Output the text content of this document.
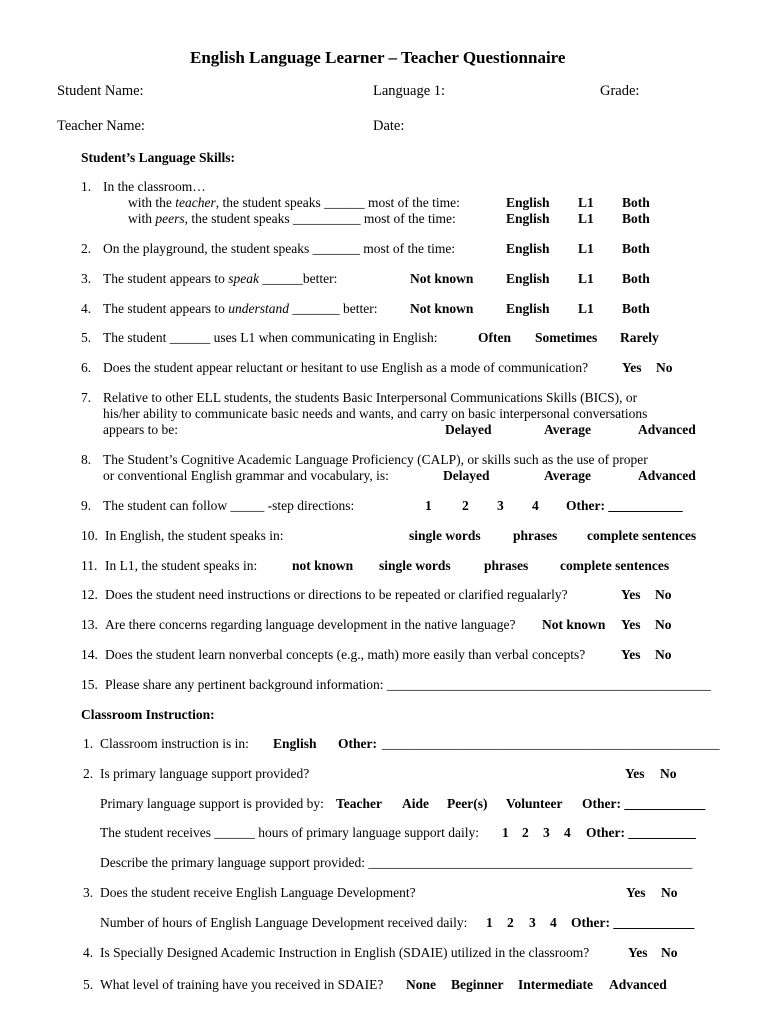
English Language Learner – Teacher Questionnaire
Student Name:	Language 1:	Grade:
Teacher Name:	Date:
Student’s Language Skills:
1. In the classroom…
with the teacher, the student speaks ______ most of the time:	English L1 Both
with peers, the student speaks __________ most of the time:	English L1 Both
2. On the playground, the student speaks _______ most of the time:	English L1 Both
3. The student appears to speak ______better:	Not known English L1 Both
4. The student appears to understand _______ better: Not known English L1 Both
5. The student ______ uses L1 when communicating in English:	Often Sometimes Rarely
6. Does the student appear reluctant or hesitant to use English as a mode of communication?	Yes No
7. Relative to other ELL students, the students Basic Interpersonal Communications Skills (BICS), or
his/her ability to communicate basic needs and wants, and carry on basic interpersonal conversations
appears to be:	Delayed	Average	Advanced
8. The Student’s Cognitive Academic Language Proficiency (CALP), or skills such as the use of proper
or conventional English grammar and vocabulary, is:	Delayed	Average	Advanced
9. The student can follow _____ -step directions:	1 2 3 4 Other: ___________
10. In English, the student speaks in:	single words phrases complete sentences
11. In L1, the student speaks in:	not known single words phrases complete sentences
12. Does the student need instructions or directions to be repeated or clarified regualarly?	Yes No
13. Are there concerns regarding language development in the native language? Not known Yes No
14. Does the student learn nonverbal concepts (e.g., math) more easily than verbal concepts?	Yes No
15. Please share any pertinent background information: ________________________________________________
Classroom Instruction:
1. Classroom instruction is in: English Other: __________________________________________________
2. Is primary language support provided?	Yes No
Primary language support is provided by: Teacher Aide Peer(s) Volunteer Other: ____________
The student receives ______ hours of primary language support daily: 1 2 3 4 Other: __________
Describe the primary language support provided: ________________________________________________
3. Does the student receive English Language Development?	Yes No
Number of hours of English Language Development received daily: 1 2 3 4 Other: ____________
4. Is Specially Designed Academic Instruction in English (SDAIE) utilized in the classroom?	Yes No
5. What level of training have you received in SDAIE? None Beginner Intermediate Advanced
